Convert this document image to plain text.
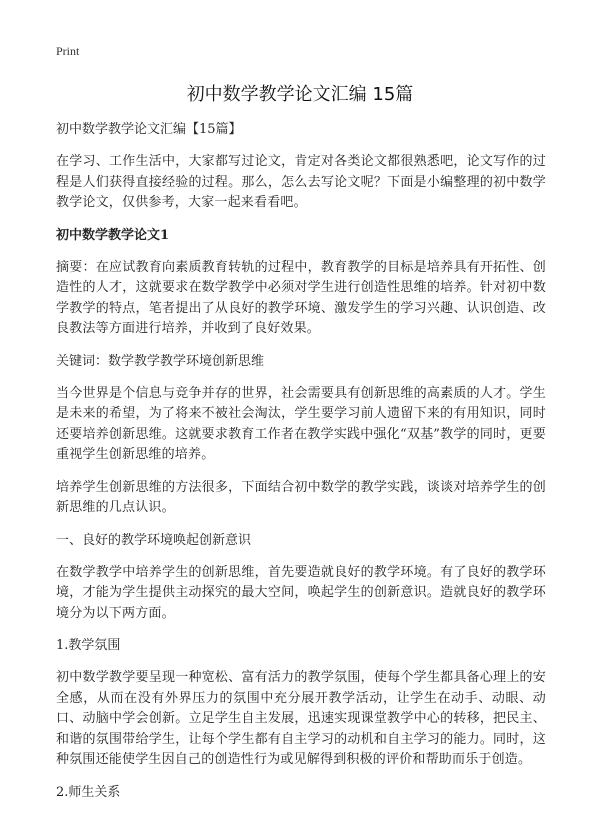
Print
初中数学教学论文汇编 15篇

初中数学教学论文汇编【15篇】

在学习、工作生活中，大家都写过论文，肯定对各类论文都很熟悉吧，论文写作的过程是人们获得直接经验的过程。那么，怎么去写论文呢？下面是小编整理的初中数学教学论文，仅供参考，大家一起来看看吧。

初中数学教学论文1

摘要：在应试教育向素质教育转轨的过程中，教育教学的目标是培养具有开拓性、创造性的人才，这就要求在数学教学中必须对学生进行创造性思维的培养。针对初中数学教学的特点，笔者提出了从良好的教学环境、激发学生的学习兴趣、认识创造、改良教法等方面进行培养，并收到了良好效果。

关键词：数学教学教学环境创新思维

当今世界是个信息与竞争并存的世界，社会需要具有创新思维的高素质的人才。学生是未来的希望，为了将来不被社会淘汰，学生要学习前人遗留下来的有用知识，同时还要培养创新思维。这就要求教育工作者在教学实践中强化“双基”教学的同时，更要重视学生创新思维的培养。

培养学生创新思维的方法很多，下面结合初中数学的教学实践，谈谈对培养学生的创新思维的几点认识。

一、良好的教学环境唤起创新意识

在数学教学中培养学生的创新思维，首先要造就良好的教学环境。有了良好的教学环境，才能为学生提供主动探究的最大空间，唤起学生的创新意识。造就良好的教学环境分为以下两方面。

1.教学氛围

初中数学教学要呈现一种宽松、富有活力的教学氛围，使每个学生都具备心理上的安全感，从而在没有外界压力的氛围中充分展开教学活动，让学生在动手、动眼、动口、动脑中学会创新。立足学生自主发展，迅速实现课堂教学中心的转移，把民主、和谐的氛围带给学生，让每个学生都有自主学习的动机和自主学习的能力。同时，这种氛围还能使学生因自己的创造性行为或见解得到积极的评价和帮助而乐于创造。

2.师生关系
